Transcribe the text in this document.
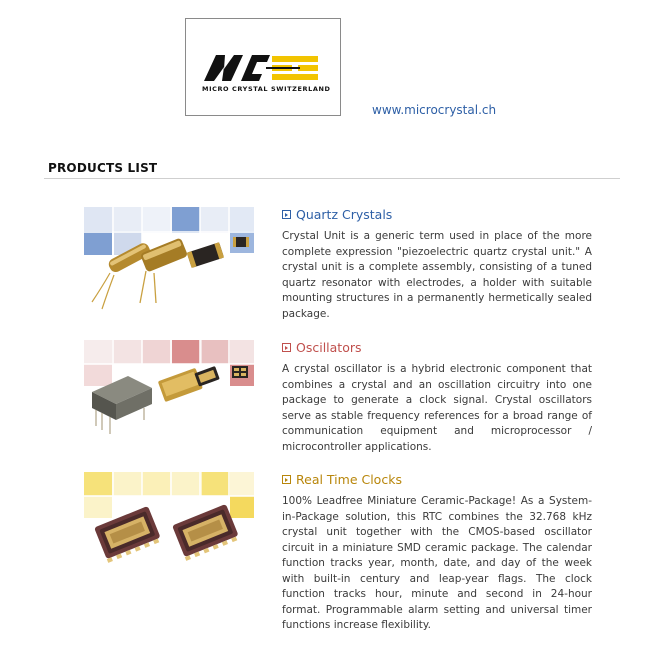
MICRO CRYSTAL SWITZERLAND
www.microcrystal.ch
PRODUCTS LIST
Quartz Crystals

Crystal Unit is a generic term used in place of the more complete expression "piezoelectric quartz crystal unit." A crystal unit is a complete assembly, consisting of a tuned quartz resonator with electrodes, a holder with suitable mounting structures in a permanently hermetically sealed package.

Oscillators

A crystal oscillator is a hybrid electronic component that combines a crystal and an oscillation circuitry into one package to generate a clock signal. Crystal oscillators serve as stable frequency references for a broad range of communication equipment and microprocessor / microcontroller applications.

Real Time Clocks

100% Leadfree Miniature Ceramic-Package! As a System-in-Package solution, this RTC combines the 32.768 kHz crystal unit together with the CMOS-based oscillator circuit in a miniature SMD ceramic package. The calendar function tracks year, month, date, and day of the week with built-in century and leap-year flags. The clock function tracks hour, minute and second in 24-hour format. Programmable alarm setting and universal timer functions increase flexibility.
